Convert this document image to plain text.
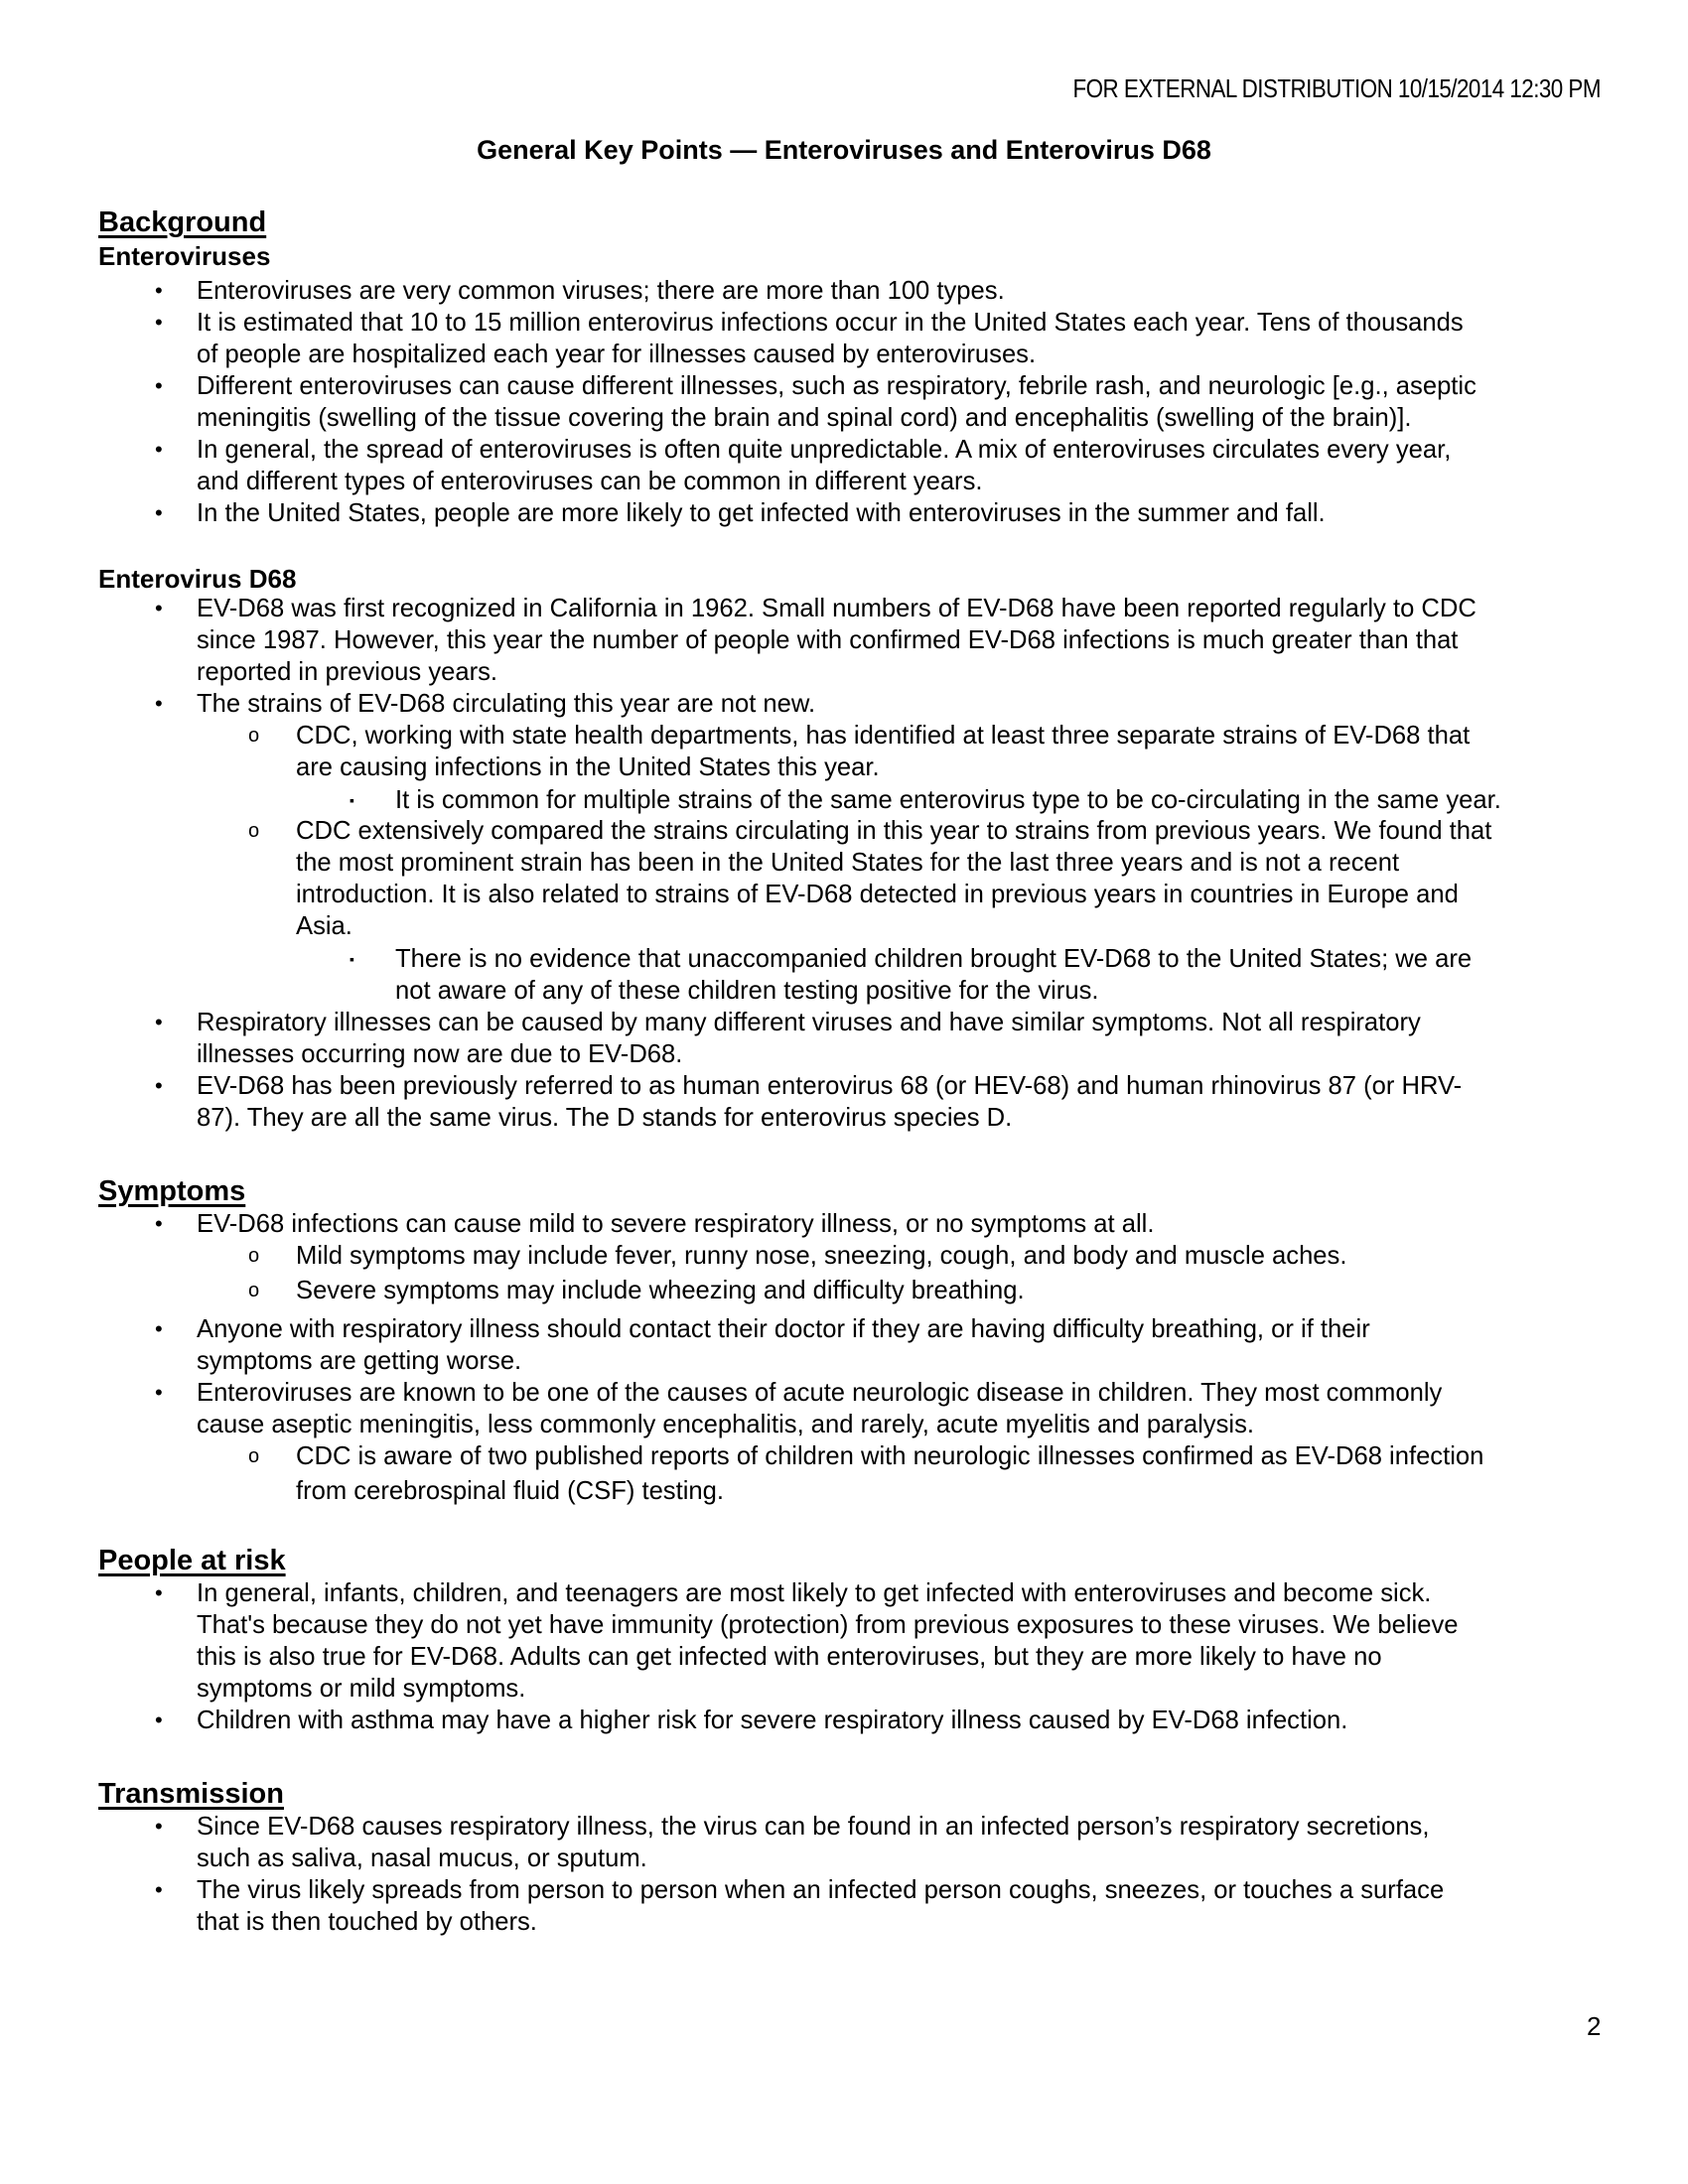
FOR EXTERNAL DISTRIBUTION 10/15/2014 12:30 PM
General Key Points — Enteroviruses and Enterovirus D68
Background
Enteroviruses
• Enteroviruses are very common viruses; there are more than 100 types.
• It is estimated that 10 to 15 million enterovirus infections occur in the United States each year. Tens of thousands
of people are hospitalized each year for illnesses caused by enteroviruses.
• Different enteroviruses can cause different illnesses, such as respiratory, febrile rash, and neurologic [e.g., aseptic
meningitis (swelling of the tissue covering the brain and spinal cord) and encephalitis (swelling of the brain)].
• In general, the spread of enteroviruses is often quite unpredictable. A mix of enteroviruses circulates every year,
and different types of enteroviruses can be common in different years.
• In the United States, people are more likely to get infected with enteroviruses in the summer and fall.
Enterovirus D68
• EV-D68 was first recognized in California in 1962. Small numbers of EV-D68 have been reported regularly to CDC
since 1987. However, this year the number of people with confirmed EV-D68 infections is much greater than that
reported in previous years.
• The strains of EV-D68 circulating this year are not new.
o CDC, working with state health departments, has identified at least three separate strains of EV-D68 that
are causing infections in the United States this year.
▪ It is common for multiple strains of the same enterovirus type to be co-circulating in the same year.
o CDC extensively compared the strains circulating in this year to strains from previous years. We found that
the most prominent strain has been in the United States for the last three years and is not a recent
introduction. It is also related to strains of EV-D68 detected in previous years in countries in Europe and
Asia.
▪ There is no evidence that unaccompanied children brought EV-D68 to the United States; we are
not aware of any of these children testing positive for the virus.
• Respiratory illnesses can be caused by many different viruses and have similar symptoms. Not all respiratory
illnesses occurring now are due to EV-D68.
• EV-D68 has been previously referred to as human enterovirus 68 (or HEV-68) and human rhinovirus 87 (or HRV-
87). They are all the same virus. The D stands for enterovirus species D.
Symptoms
• EV-D68 infections can cause mild to severe respiratory illness, or no symptoms at all.
o Mild symptoms may include fever, runny nose, sneezing, cough, and body and muscle aches.
o Severe symptoms may include wheezing and difficulty breathing.
• Anyone with respiratory illness should contact their doctor if they are having difficulty breathing, or if their
symptoms are getting worse.
• Enteroviruses are known to be one of the causes of acute neurologic disease in children. They most commonly
cause aseptic meningitis, less commonly encephalitis, and rarely, acute myelitis and paralysis.
o CDC is aware of two published reports of children with neurologic illnesses confirmed as EV-D68 infection
from cerebrospinal fluid (CSF) testing.
People at risk
• In general, infants, children, and teenagers are most likely to get infected with enteroviruses and become sick.
That's because they do not yet have immunity (protection) from previous exposures to these viruses. We believe
this is also true for EV-D68. Adults can get infected with enteroviruses, but they are more likely to have no
symptoms or mild symptoms.
• Children with asthma may have a higher risk for severe respiratory illness caused by EV-D68 infection.
Transmission
• Since EV-D68 causes respiratory illness, the virus can be found in an infected person’s respiratory secretions,
such as saliva, nasal mucus, or sputum.
• The virus likely spreads from person to person when an infected person coughs, sneezes, or touches a surface
that is then touched by others.
2
